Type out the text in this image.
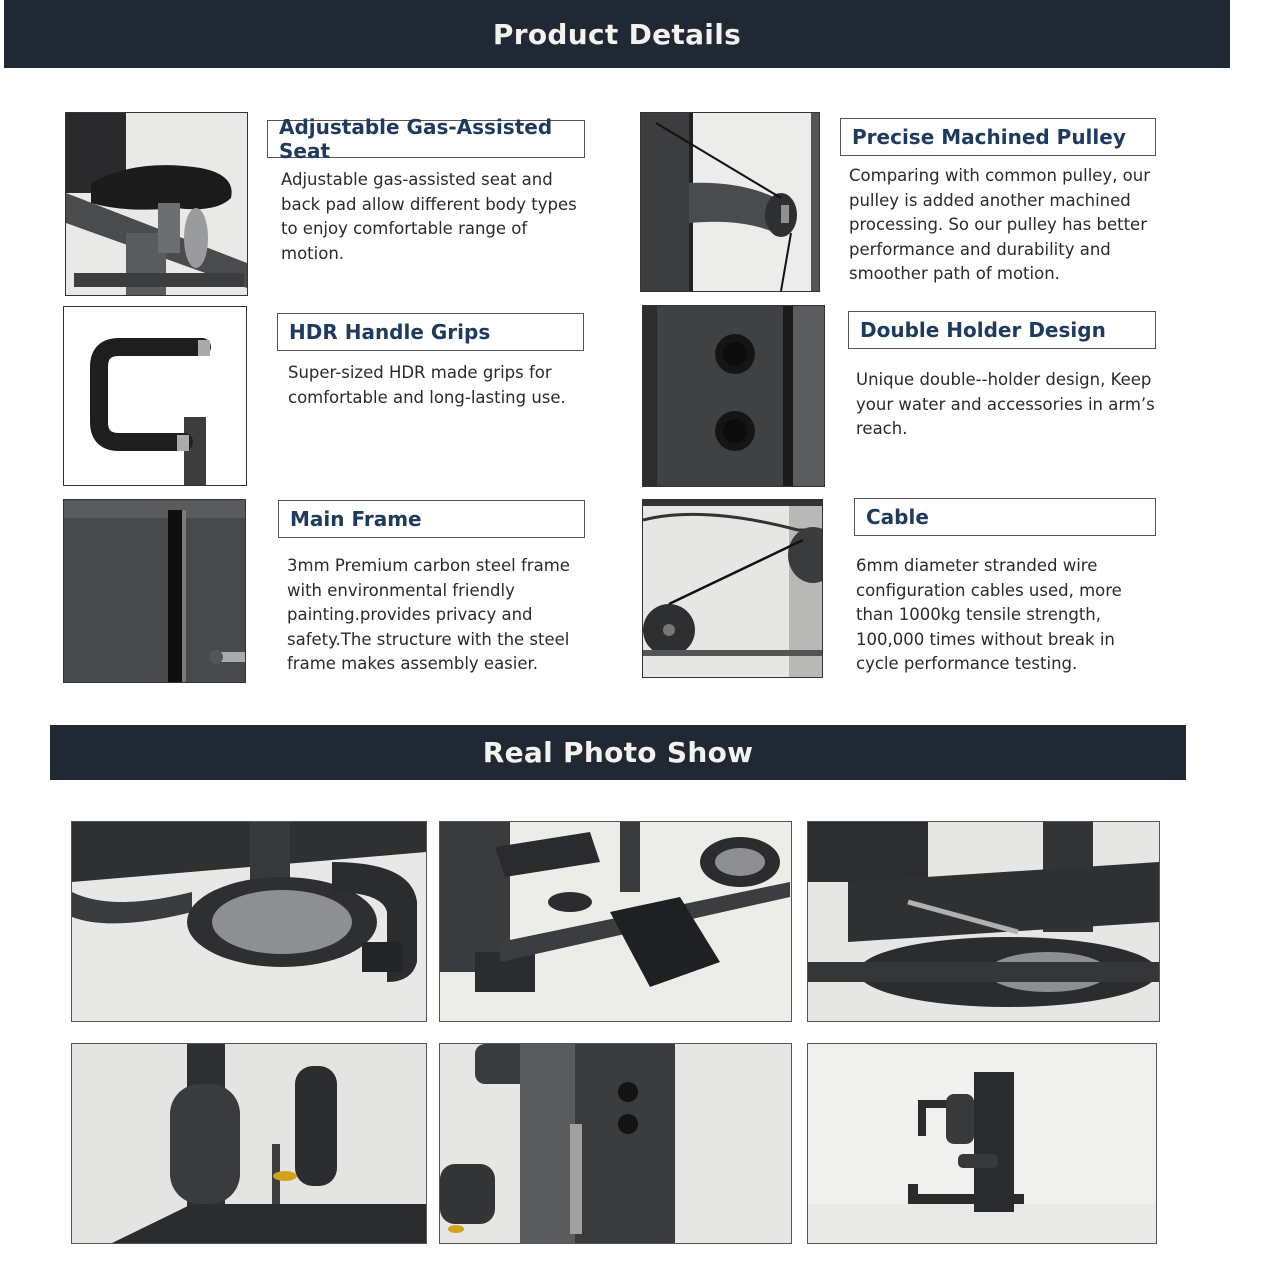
Product Details
Adjustable Gas-Assisted Seat
Adjustable gas-assisted seat and back pad allow different body types to enjoy comfortable range of motion.
Precise Machined Pulley
Comparing with common pulley, our pulley is added another machined processing. So our pulley has better performance and durability and smoother path of motion.
HDR Handle Grips
Super-sized HDR made grips for comfortable and long-lasting use.
Double Holder Design
Unique double--holder design, Keep your water and accessories in arm’s reach.
Main Frame
3mm Premium carbon steel frame with environmental friendly painting.provides privacy and safety.The structure with the steel frame makes assembly easier.
Cable
6mm diameter stranded wire configuration cables used, more than 1000kg tensile strength, 100,000 times without break in cycle performance testing.
Real Photo Show
